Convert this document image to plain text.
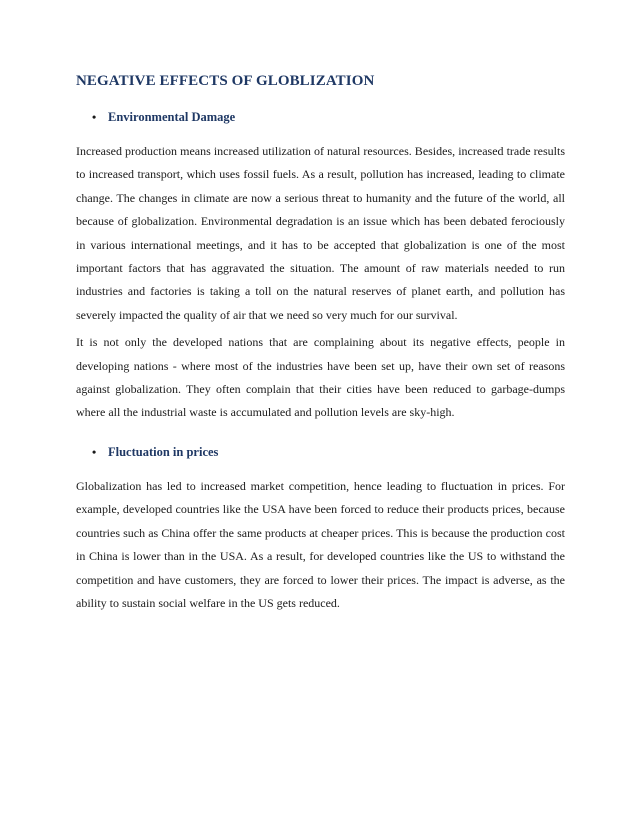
NEGATIVE EFFECTS OF GLOBLIZATION
• Environmental Damage

Increased production means increased utilization of natural resources. Besides, increased trade results to increased transport, which uses fossil fuels. As a result, pollution has increased, leading to climate change. The changes in climate are now a serious threat to humanity and the future of the world, all because of globalization. Environmental degradation is an issue which has been debated ferociously in various international meetings, and it has to be accepted that globalization is one of the most important factors that has aggravated the situation. The amount of raw materials needed to run industries and factories is taking a toll on the natural reserves of planet earth, and pollution has severely impacted the quality of air that we need so very much for our survival.

It is not only the developed nations that are complaining about its negative effects, people in developing nations - where most of the industries have been set up, have their own set of reasons against globalization. They often complain that their cities have been reduced to garbage-dumps where all the industrial waste is accumulated and pollution levels are sky-high.

• Fluctuation in prices

Globalization has led to increased market competition, hence leading to fluctuation in prices. For example, developed countries like the USA have been forced to reduce their products prices, because countries such as China offer the same products at cheaper prices. This is because the production cost in China is lower than in the USA. As a result, for developed countries like the US to withstand the competition and have customers, they are forced to lower their prices. The impact is adverse, as the ability to sustain social welfare in the US gets reduced.
